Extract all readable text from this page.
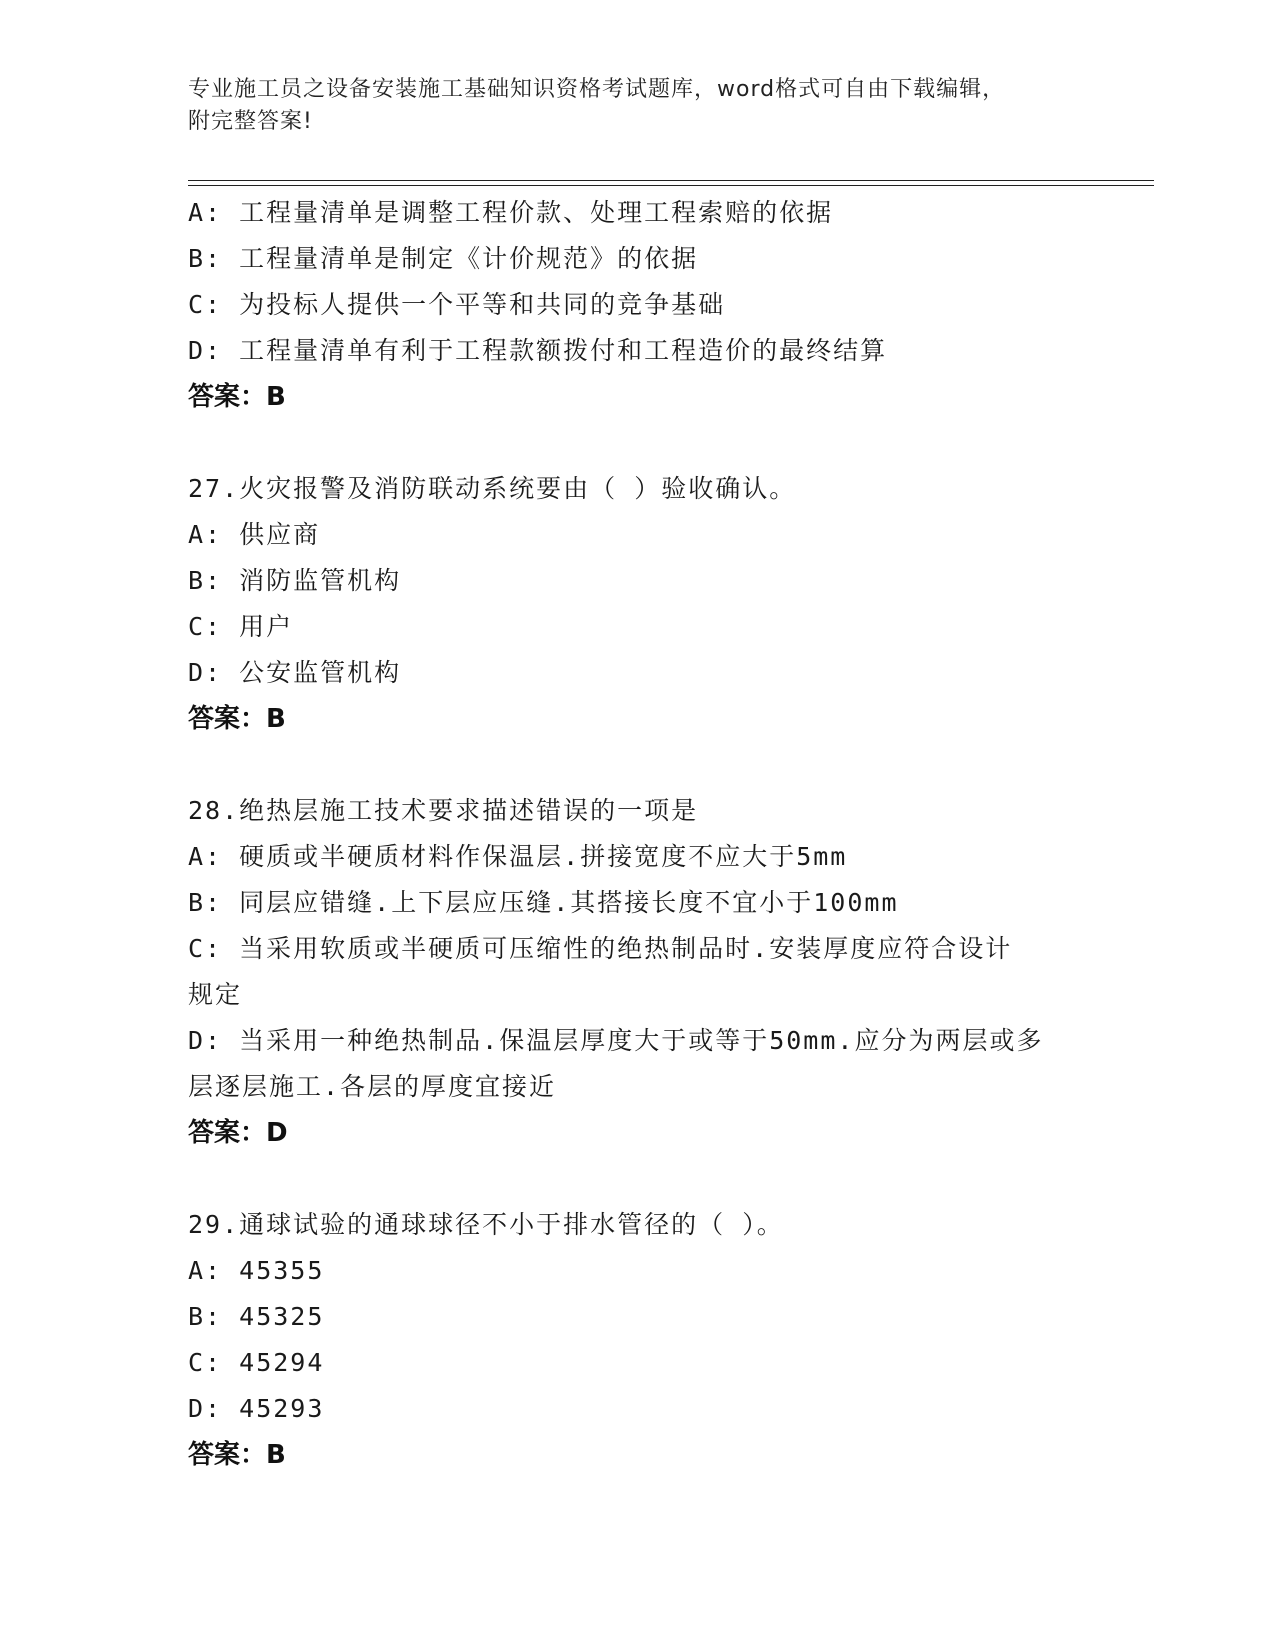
专业施工员之设备安装施工基础知识资格考试题库，word格式可自由下载编辑，
附完整答案!
A: 工程量清单是调整工程价款、处理工程索赔的依据
B: 工程量清单是制定《计价规范》的依据
C: 为投标人提供一个平等和共同的竞争基础
D: 工程量清单有利于工程款额拨付和工程造价的最终结算
答案：B
27.火灾报警及消防联动系统要由（ ）验收确认。
A: 供应商
B: 消防监管机构
C: 用户
D: 公安监管机构
答案：B
28.绝热层施工技术要求描述错误的一项是
A: 硬质或半硬质材料作保温层.拼接宽度不应大于5mm
B: 同层应错缝.上下层应压缝.其搭接长度不宜小于100mm
C: 当采用软质或半硬质可压缩性的绝热制品时.安装厚度应符合设计
规定
D: 当采用一种绝热制品.保温层厚度大于或等于50mm.应分为两层或多
层逐层施工.各层的厚度宜接近
答案：D
29.通球试验的通球球径不小于排水管径的（ ）。
A: 45355
B: 45325
C: 45294
D: 45293
答案：B
